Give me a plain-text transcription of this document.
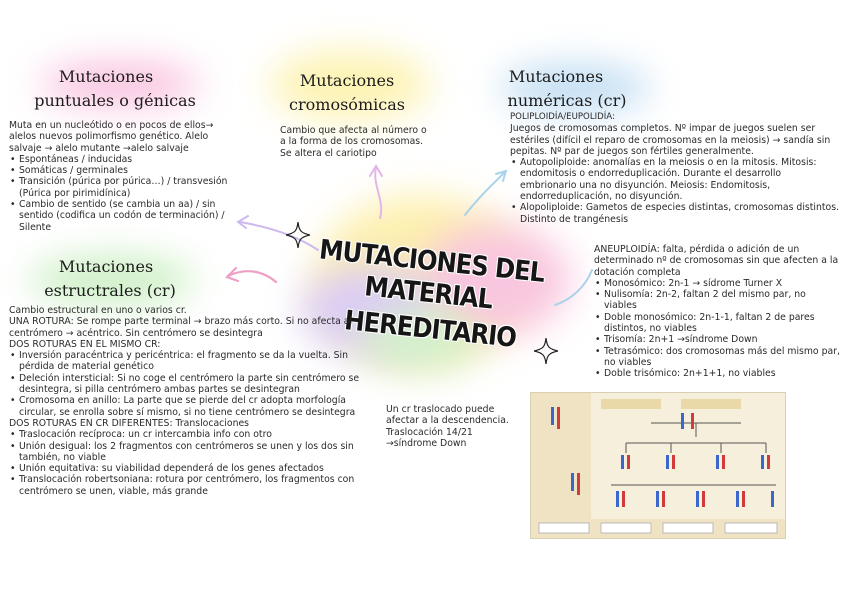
MUTACIONES DEL MATERIAL
HEREDITARIO
Mutaciones
puntuales o génicas
Muta en un nucleótido o en pocos de ellos→ alelos nuevos polimorfismo genético. Alelo salvaje → alelo mutante →alelo salvaje
• Espontáneas / inducidas
• Somáticas / germinales
• Transición (púrica por púrica…) / transvesión (Púrica por pirimidínica)
• Cambio de sentido (se cambia un aa) / sin sentido (codifica un codón de terminación) / Silente
Mutaciones
cromosómicas
Cambio que afecta al número o a la forma de los cromosomas. Se altera el cariotipo
Mutaciones
numéricas (cr)
POLIPLOIDÍA/EUPOLIDÍA:
Juegos de cromosomas completos. Nº impar de juegos suelen ser estériles (difícil el reparo de cromosomas en la meiosis) → sandía sin pepitas. Nº par de juegos son fértiles generalmente.
• Autopoliploide: anomalías en la meiosis o en la mitosis. Mitosis: endomitosis o endorreduplicación. Durante el desarrollo embrionario una no disyunción. Meiosis: Endomitosis, endorreduplicación, no disyunción.
• Alopoliploide: Gametos de especies distintas, cromosomas distintos. Distinto de trangénesis
ANEUPLOIDÍA: falta, pérdida o adición de un determinado nº de cromosomas sin que afecten a la dotación completa
• Monosómico: 2n-1 → sídrome Turner X
• Nulisomía: 2n-2, faltan 2 del mismo par, no viables
• Doble monosómico: 2n-1-1, faltan 2 de pares distintos, no viables
• Trisomía: 2n+1 →síndrome Down
• Tetrasómico: dos cromosomas más del mismo par, no viables
• Doble trisómico: 2n+1+1, no viables
Mutaciones
estructrales (cr)
Cambio estructural en uno o varios cr.
UNA ROTURA: Se rompe parte terminal → brazo más corto. Si no afecta al centrómero → acéntrico. Sin centrómero se desintegra
DOS ROTURAS EN EL MISMO CR:
• Inversión paracéntrica y pericéntrica: el fragmento se da la vuelta. Sin pérdida de material genético
• Deleción intersticial: Si no coge el centrómero la parte sin centrómero se desintegra, si pilla centrómero ambas partes se desintegran
• Cromosoma en anillo: La parte que se pierde del cr adopta morfología circular, se enrolla sobre sí mismo, si no tiene centrómero se desintegra
DOS ROTURAS EN CR DIFERENTES: Translocaciones
• Traslocación recíproca: un cr intercambia info con otro
• Unión desigual: los 2 fragmentos con centrómeros se unen y los dos sin también, no viable
• Unión equitativa: su viabilidad dependerá de los genes afectados
• Translocación robertsoniana: rotura por centrómero, los fragmentos con centrómero se unen, viable, más grande
Un cr traslocado puede afectar a la descendencia. Traslocación 14/21 →síndrome Down
